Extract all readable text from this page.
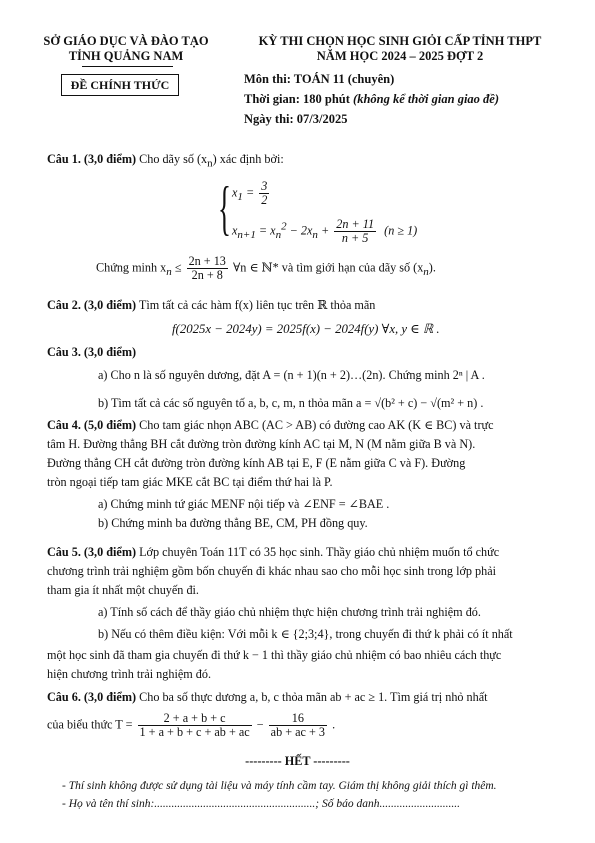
SỞ GIÁO DỤC VÀ ĐÀO TẠO
TỈNH QUẢNG NAM
ĐỀ CHÍNH THỨC
KỲ THI CHỌN HỌC SINH GIỎI CẤP TỈNH THPT
NĂM HỌC 2024 – 2025 ĐỢT 2
Môn thi: TOÁN 11 (chuyên)
Thời gian: 180 phút (không kể thời gian giao đề)
Ngày thi: 07/3/2025
Câu 1. (3,0 điểm) Cho dãy số $(x_n)$ xác định bởi:
{ $x_1 = \frac{3}{2}$
$x_{n+1} = x_n^2 - 2x_n + \frac{2n + 11}{n + 5} (n \ge 1)$
Chứng minh $x_n \le \frac{2n + 13}{2n + 8}$ ∀n ∈ ℕ* và tìm giới hạn của dãy số $(x_n)$.
Câu 2. (3,0 điểm) Tìm tất cả các hàm f(x) liên tục trên ℝ thỏa mãn
f(2025x − 2024y) = 2025f(x) − 2024f(y) ∀x, y ∈ ℝ .
Câu 3. (3,0 điểm)
a) Cho n là số nguyên dương, đặt A = (n + 1)(n + 2)…(2n). Chứng minh 2ⁿ | A .
b) Tìm tất cả các số nguyên tố a, b, c, m, n thỏa mãn a = √(b² + c) − √(m² + n) .
Câu 4. (5,0 điểm) Cho tam giác nhọn ABC (AC > AB) có đường cao AK (K ∈ BC) và trực
tâm H. Đường thẳng BH cắt đường tròn đường kính AC tại M, N (M nằm giữa B và N).
Đường thẳng CH cắt đường tròn đường kính AB tại E, F (E nằm giữa C và F). Đường
tròn ngoại tiếp tam giác MKE cắt BC tại điểm thứ hai là P.
a) Chứng minh tứ giác MENF nội tiếp và ∠ENF = ∠BAE .
b) Chứng minh ba đường thẳng BE, CM, PH đồng quy.
Câu 5. (3,0 điểm) Lớp chuyên Toán 11T có 35 học sinh. Thầy giáo chủ nhiệm muốn tổ chức
chương trình trải nghiệm gồm bốn chuyến đi khác nhau sao cho mỗi học sinh trong lớp phải
tham gia ít nhất một chuyến đi.
a) Tính số cách để thầy giáo chủ nhiệm thực hiện chương trình trải nghiệm đó.
b) Nếu có thêm điều kiện: Với mỗi k ∈ {2;3;4}, trong chuyến đi thứ k phải có ít nhất
một học sinh đã tham gia chuyến đi thứ k − 1 thì thầy giáo chủ nhiệm có bao nhiêu cách thực
hiện chương trình trải nghiệm đó.
Câu 6. (3,0 điểm) Cho ba số thực dương a, b, c thỏa mãn ab + ac ≥ 1. Tìm giá trị nhỏ nhất
của biểu thức $T = \frac{2 + a + b + c}{1 + a + b + c + ab + ac} - \frac{16}{ab + ac + 3}$ .
--------- HẾT ---------
- Thí sinh không được sử dụng tài liệu và máy tính cầm tay. Giám thị không giải thích gì thêm.
- Họ và tên thí sinh:........................................................; Số báo danh............................
